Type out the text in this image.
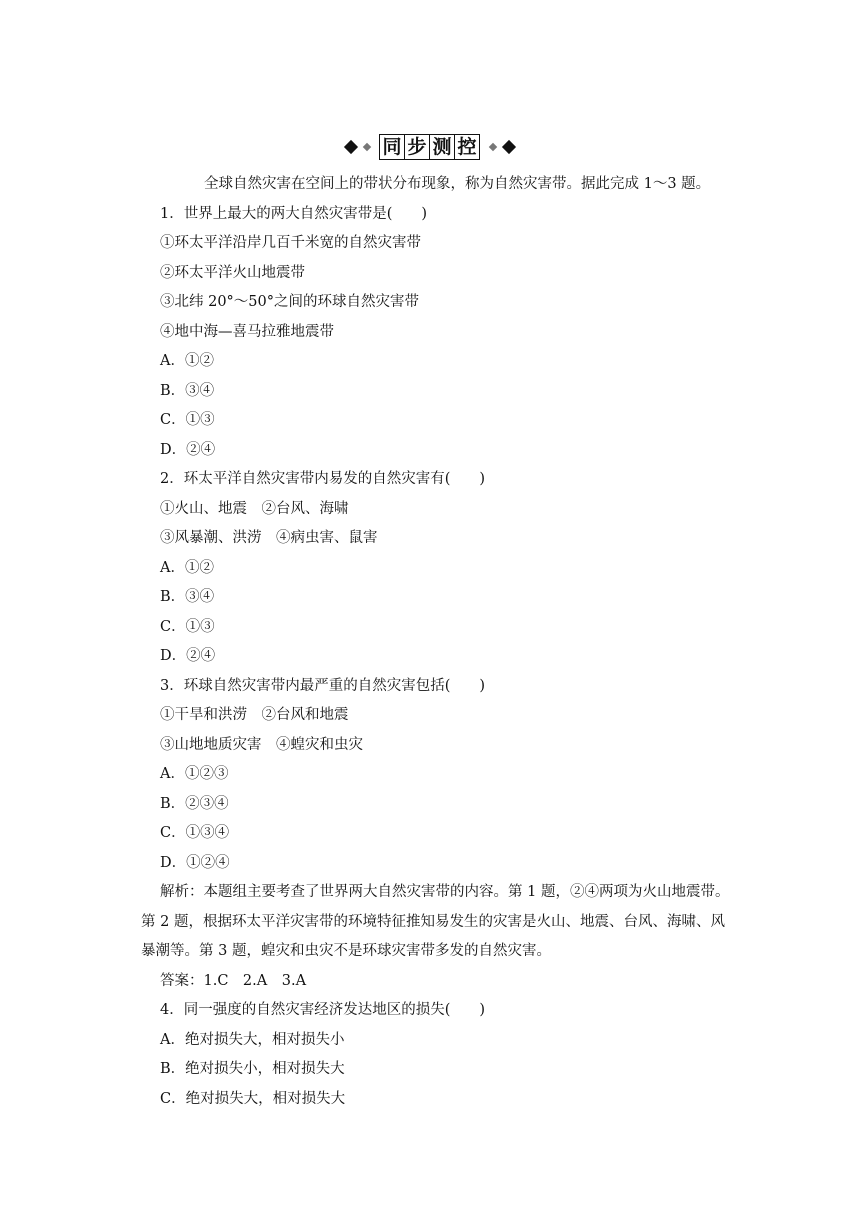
同 步 测 控
全球自然灾害在空间上的带状分布现象，称为自然灾害带。据此完成 1～3 题。
1．世界上最大的两大自然灾害带是(　　)
①环太平洋沿岸几百千米宽的自然灾害带
②环太平洋火山地震带
③北纬 20°～50°之间的环球自然灾害带
④地中海—喜马拉雅地震带
A．①②
B．③④
C．①③
D．②④
2．环太平洋自然灾害带内易发的自然灾害有(　　)
①火山、地震　②台风、海啸
③风暴潮、洪涝　④病虫害、鼠害
A．①②
B．③④
C．①③
D．②④
3．环球自然灾害带内最严重的自然灾害包括(　　)
①干旱和洪涝　②台风和地震
③山地地质灾害　④蝗灾和虫灾
A．①②③
B．②③④
C．①③④
D．①②④
解析：本题组主要考查了世界两大自然灾害带的内容。第 1 题，②④两项为火山地震带。
第 2 题，根据环太平洋灾害带的环境特征推知易发生的灾害是火山、地震、台风、海啸、风
暴潮等。第 3 题，蝗灾和虫灾不是环球灾害带多发的自然灾害。
答案：1.C　2.A　3.A
4．同一强度的自然灾害经济发达地区的损失(　　)
A．绝对损失大，相对损失小
B．绝对损失小，相对损失大
C．绝对损失大，相对损失大
